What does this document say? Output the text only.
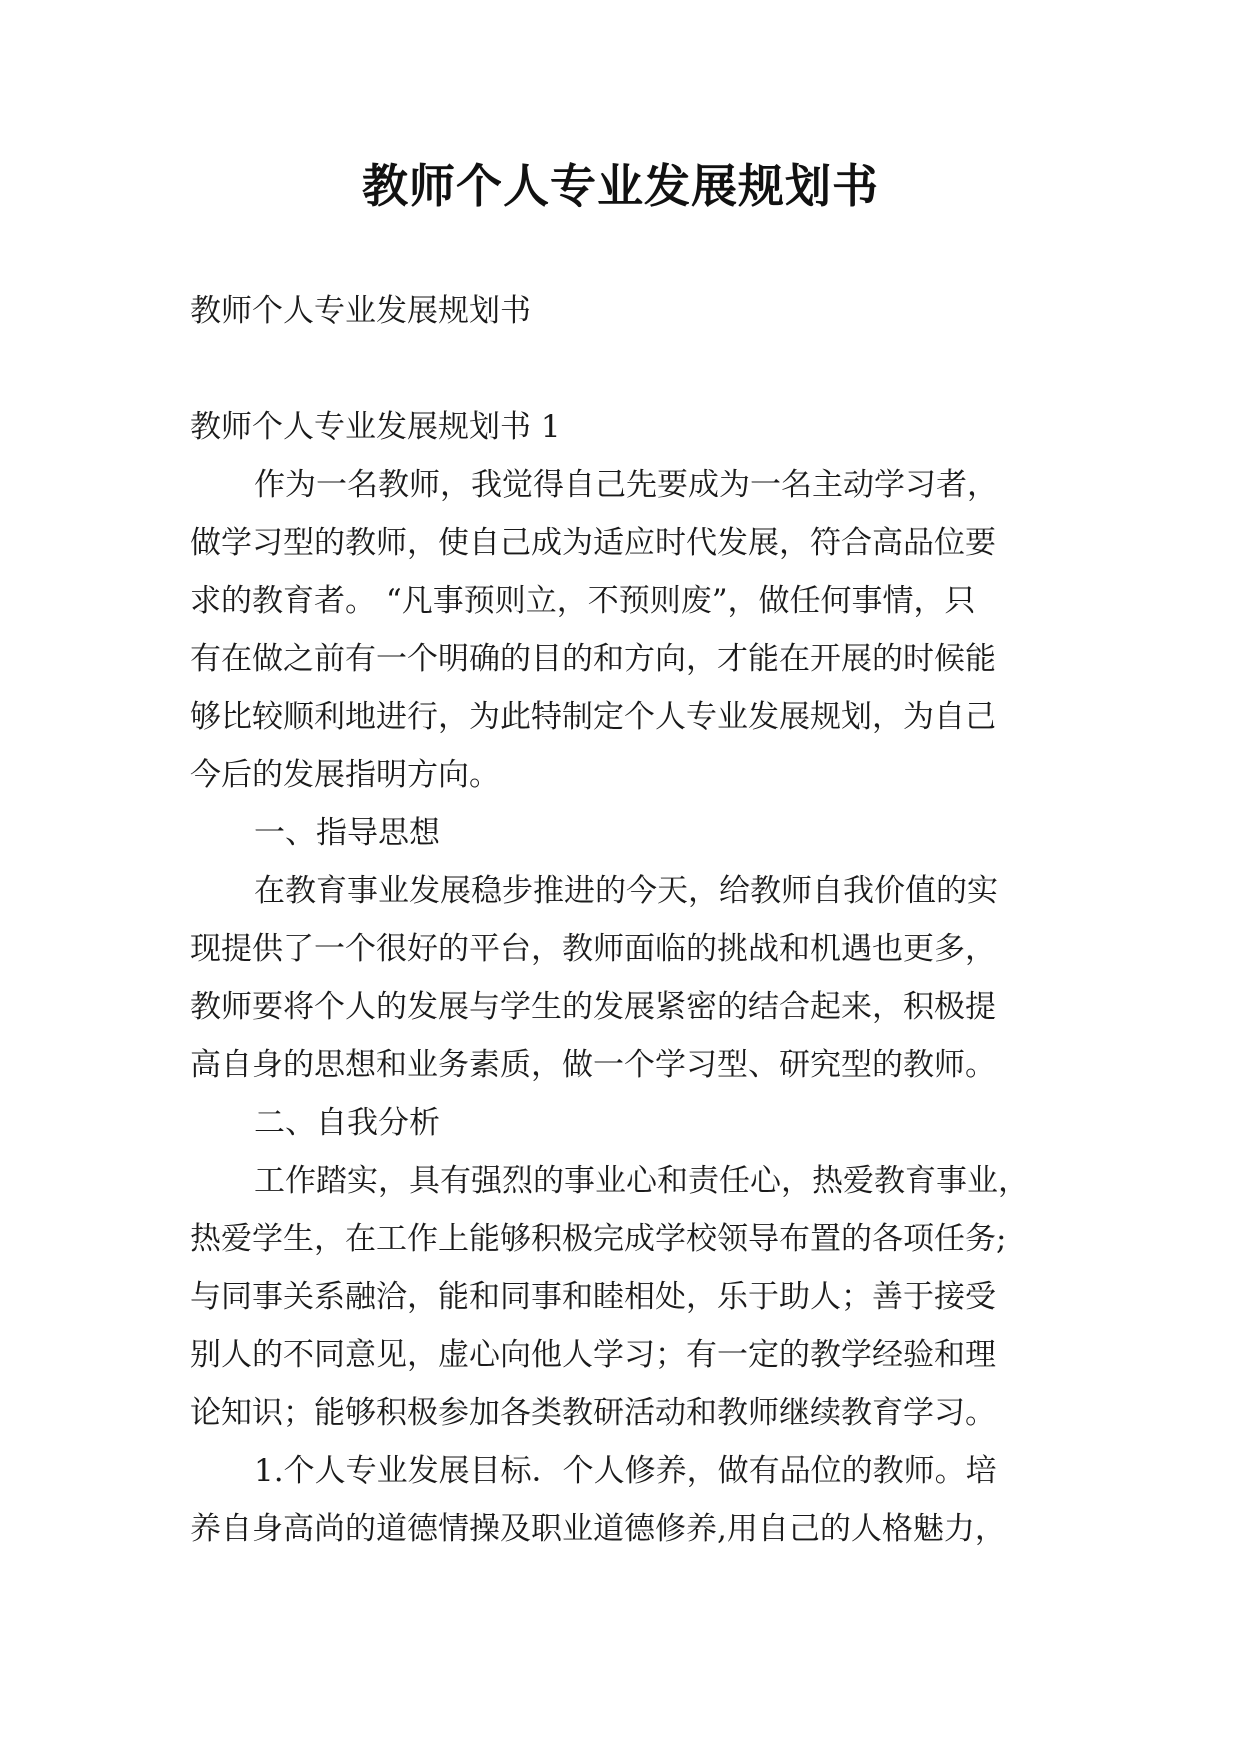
教师个人专业发展规划书
教师个人专业发展规划书
教师个人专业发展规划书 1
作为一名教师，我觉得自己先要成为一名主动学习者，
做学习型的教师，使自己成为适应时代发展，符合高品位要
求的教育者。 “凡事预则立，不预则废”，做任何事情，只
有在做之前有一个明确的目的和方向，才能在开展的时候能
够比较顺利地进行，为此特制定个人专业发展规划，为自己
今后的发展指明方向。
一、指导思想
在教育事业发展稳步推进的今天，给教师自我价值的实
现提供了一个很好的平台，教师面临的挑战和机遇也更多，
教师要将个人的发展与学生的发展紧密的结合起来，积极提
高自身的思想和业务素质，做一个学习型、研究型的教师。
二、自我分析
工作踏实，具有强烈的事业心和责任心，热爱教育事业，
热爱学生，在工作上能够积极完成学校领导布置的各项任务;
与同事关系融洽，能和同事和睦相处，乐于助人；善于接受
别人的不同意见，虚心向他人学习；有一定的教学经验和理
论知识；能够积极参加各类教研活动和教师继续教育学习。
1.个人专业发展目标．个人修养，做有品位的教师。培
养自身高尚的道德情操及职业道德修养,用自己的人格魅力，
